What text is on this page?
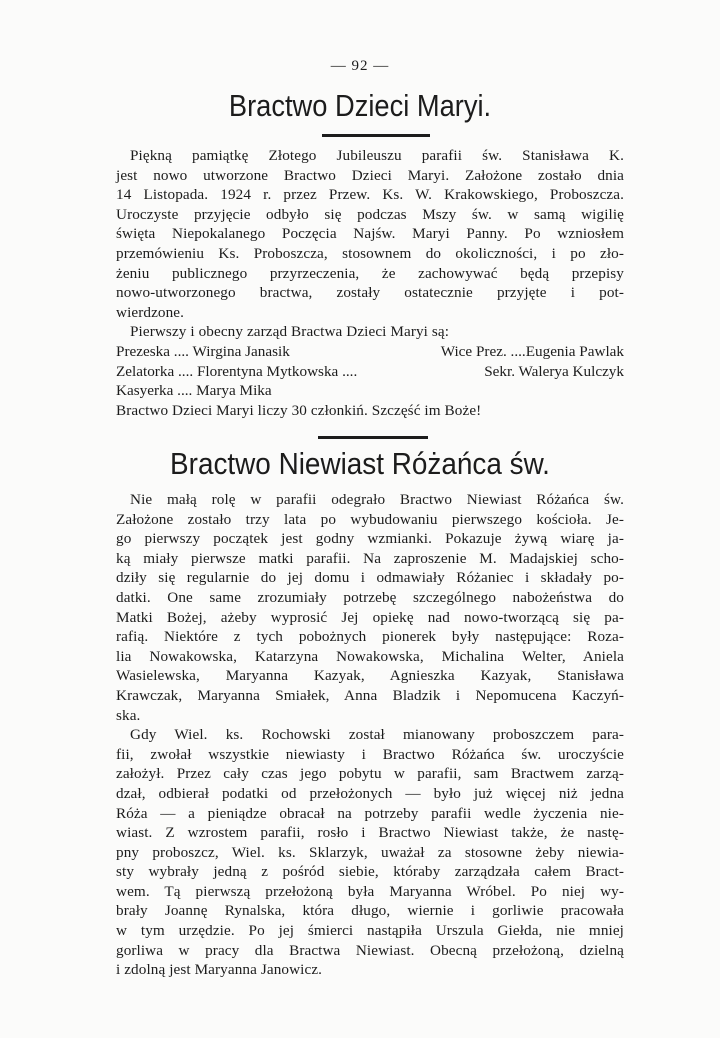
— 92 —
Bractwo Dzieci Maryi.
Piękną pamiątkę Złotego Jubileuszu parafii św. Stanisława K.
jest nowo utworzone Bractwo Dzieci Maryi. Założone zostało dnia
14 Listopada. 1924 r. przez Przew. Ks. W. Krakowskiego, Proboszcza.
Uroczyste przyjęcie odbyło się podczas Mszy św. w samą wigilię
święta Niepokalanego Poczęcia Najśw. Maryi Panny. Po wzniosłem
przemówieniu Ks. Proboszcza, stosownem do okoliczności, i po zło-
żeniu publicznego przyrzeczenia, że zachowywać będą przepisy
nowo-utworzonego bractwa, zostały ostatecznie przyjęte i pot-
wierdzone.
Pierwszy i obecny zarząd Bractwa Dzieci Maryi są:
Prezeska .... Wirgina Janasik	Wice Prez. ....Eugenia Pawlak
Zelatorka .... Florentyna Mytkowska ....	Sekr. Walerya Kulczyk
Kasyerka .... Marya Mika
Bractwo Dzieci Maryi liczy 30 członkiń. Szczęść im Boże!
Bractwo Niewiast Różańca św.
Nie małą rolę w parafii odegrało Bractwo Niewiast Różańca św.
Założone zostało trzy lata po wybudowaniu pierwszego kościoła. Je-
go pierwszy początek jest godny wzmianki. Pokazuje żywą wiarę ja-
ką miały pierwsze matki parafii. Na zaproszenie M. Madajskiej scho-
dziły się regularnie do jej domu i odmawiały Różaniec i składały po-
datki. One same zrozumiały potrzebę szczególnego nabożeństwa do
Matki Bożej, ażeby wyprosić Jej opiekę nad nowo-tworzącą się pa-
rafią. Niektóre z tych pobożnych pionerek były następujące: Roza-
lia Nowakowska, Katarzyna Nowakowska, Michalina Welter, Aniela
Wasielewska, Maryanna Kazyak, Agnieszka Kazyak, Stanisława
Krawczak, Maryanna Smiałek, Anna Bladzik i Nepomucena Kaczyń-
ska.
Gdy Wiel. ks. Rochowski został mianowany proboszczem para-
fii, zwołał wszystkie niewiasty i Bractwo Różańca św. uroczyście
założył. Przez cały czas jego pobytu w parafii, sam Bractwem zarzą-
dzał, odbierał podatki od przełożonych — było już więcej niż jedna
Róża — a pieniądze obracał na potrzeby parafii wedle życzenia nie-
wiast. Z wzrostem parafii, rosło i Bractwo Niewiast także, że nastę-
pny proboszcz, Wiel. ks. Sklarzyk, uważał za stosowne żeby niewia-
sty wybrały jedną z pośród siebie, któraby zarządzała całem Bract-
wem. Tą pierwszą przełożoną była Maryanna Wróbel. Po niej wy-
brały Joannę Rynalska, która długo, wiernie i gorliwie pracowała
w tym urzędzie. Po jej śmierci nastąpiła Urszula Giełda, nie mniej
gorliwa w pracy dla Bractwa Niewiast. Obecną przełożoną, dzielną
i zdolną jest Maryanna Janowicz.
